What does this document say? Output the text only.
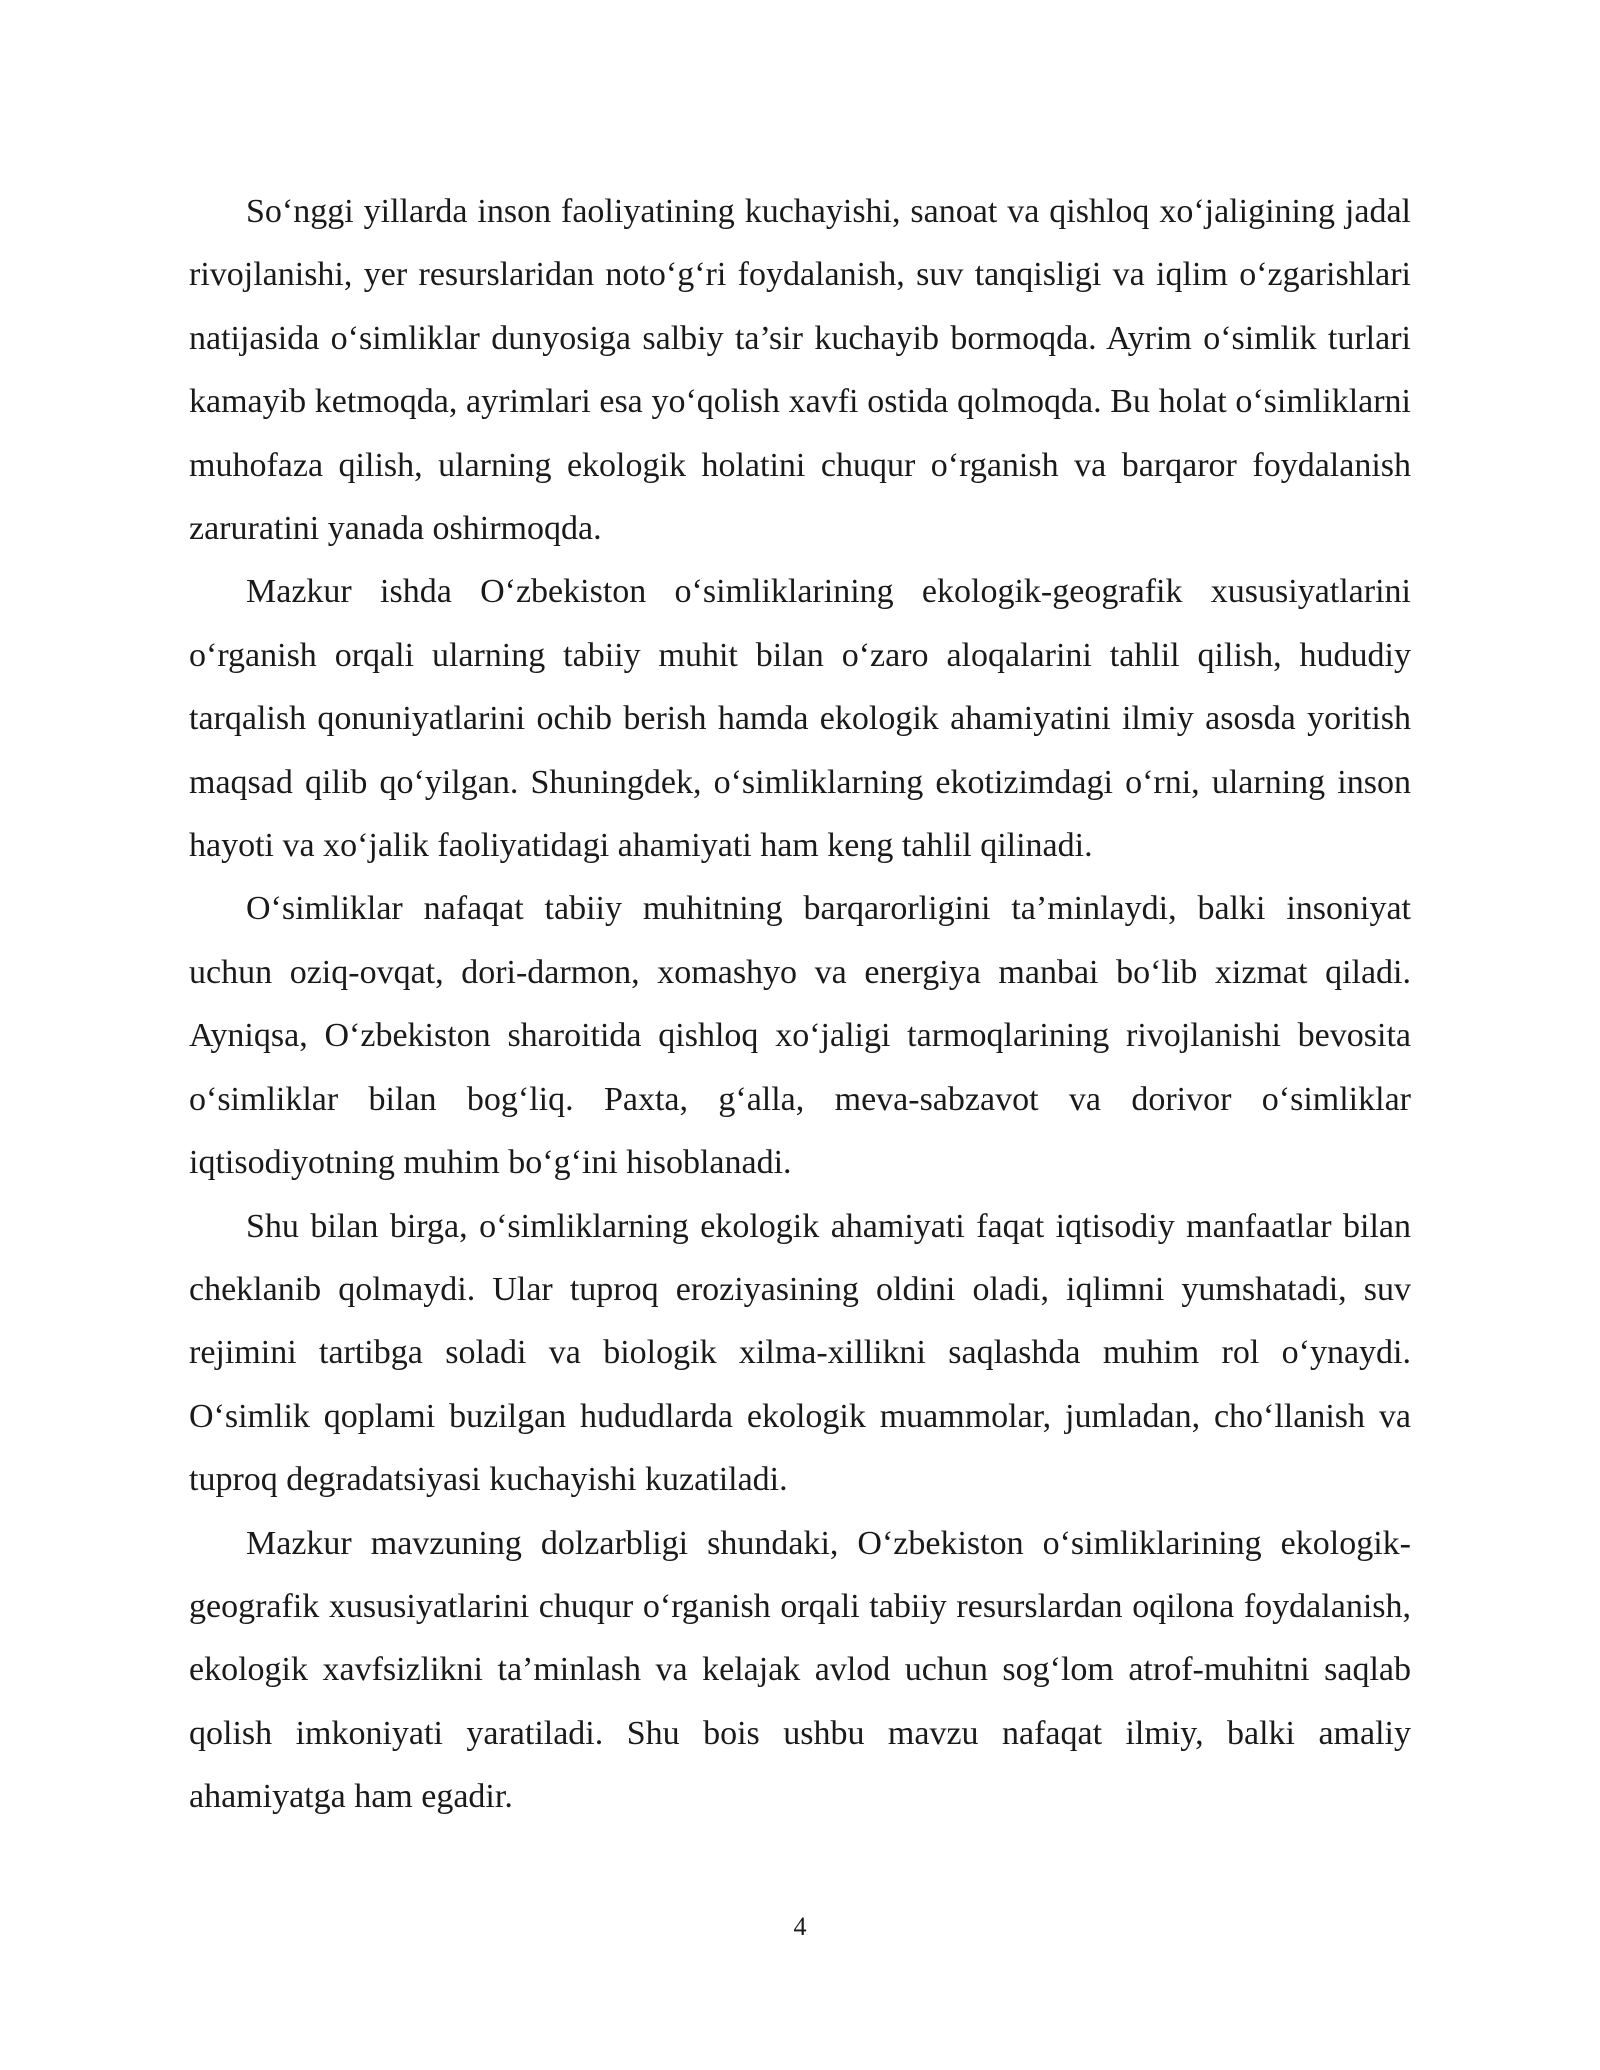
So‘nggi yillarda inson faoliyatining kuchayishi, sanoat va qishloq xo‘jaligining jadal rivojlanishi, yer resurslaridan noto‘g‘ri foydalanish, suv tanqisligi va iqlim o‘zgarishlari natijasida o‘simliklar dunyosiga salbiy ta’sir kuchayib bormoqda. Ayrim o‘simlik turlari kamayib ketmoqda, ayrimlari esa yo‘qolish xavfi ostida qolmoqda. Bu holat o‘simliklarni muhofaza qilish, ularning ekologik holatini chuqur o‘rganish va barqaror foydalanish zaruratini yanada oshirmoqda.

Mazkur ishda O‘zbekiston o‘simliklarining ekologik-geografik xususiyatlarini o‘rganish orqali ularning tabiiy muhit bilan o‘zaro aloqalarini tahlil qilish, hududiy tarqalish qonuniyatlarini ochib berish hamda ekologik ahamiyatini ilmiy asosda yoritish maqsad qilib qo‘yilgan. Shuningdek, o‘simliklarning ekotizimdagi o‘rni, ularning inson hayoti va xo‘jalik faoliyatidagi ahamiyati ham keng tahlil qilinadi.

O‘simliklar nafaqat tabiiy muhitning barqarorligini ta’minlaydi, balki insoniyat uchun oziq-ovqat, dori-darmon, xomashyo va energiya manbai bo‘lib xizmat qiladi. Ayniqsa, O‘zbekiston sharoitida qishloq xo‘jaligi tarmoqlarining rivojlanishi bevosita o‘simliklar bilan bog‘liq. Paxta, g‘alla, meva-sabzavot va dorivor o‘simliklar iqtisodiyotning muhim bo‘g‘ini hisoblanadi.

Shu bilan birga, o‘simliklarning ekologik ahamiyati faqat iqtisodiy manfaatlar bilan cheklanib qolmaydi. Ular tuproq eroziyasining oldini oladi, iqlimni yumshatadi, suv rejimini tartibga soladi va biologik xilma-xillikni saqlashda muhim rol o‘ynaydi. O‘simlik qoplami buzilgan hududlarda ekologik muammolar, jumladan, cho‘llanish va tuproq degradatsiyasi kuchayishi kuzatiladi.

Mazkur mavzuning dolzarbligi shundaki, O‘zbekiston o‘simliklarining ekologik-geografik xususiyatlarini chuqur o‘rganish orqali tabiiy resurslardan oqilona foydalanish, ekologik xavfsizlikni ta’minlash va kelajak avlod uchun sog‘lom atrof-muhitni saqlab qolish imkoniyati yaratiladi. Shu bois ushbu mavzu nafaqat ilmiy, balki amaliy ahamiyatga ham egadir.

4
